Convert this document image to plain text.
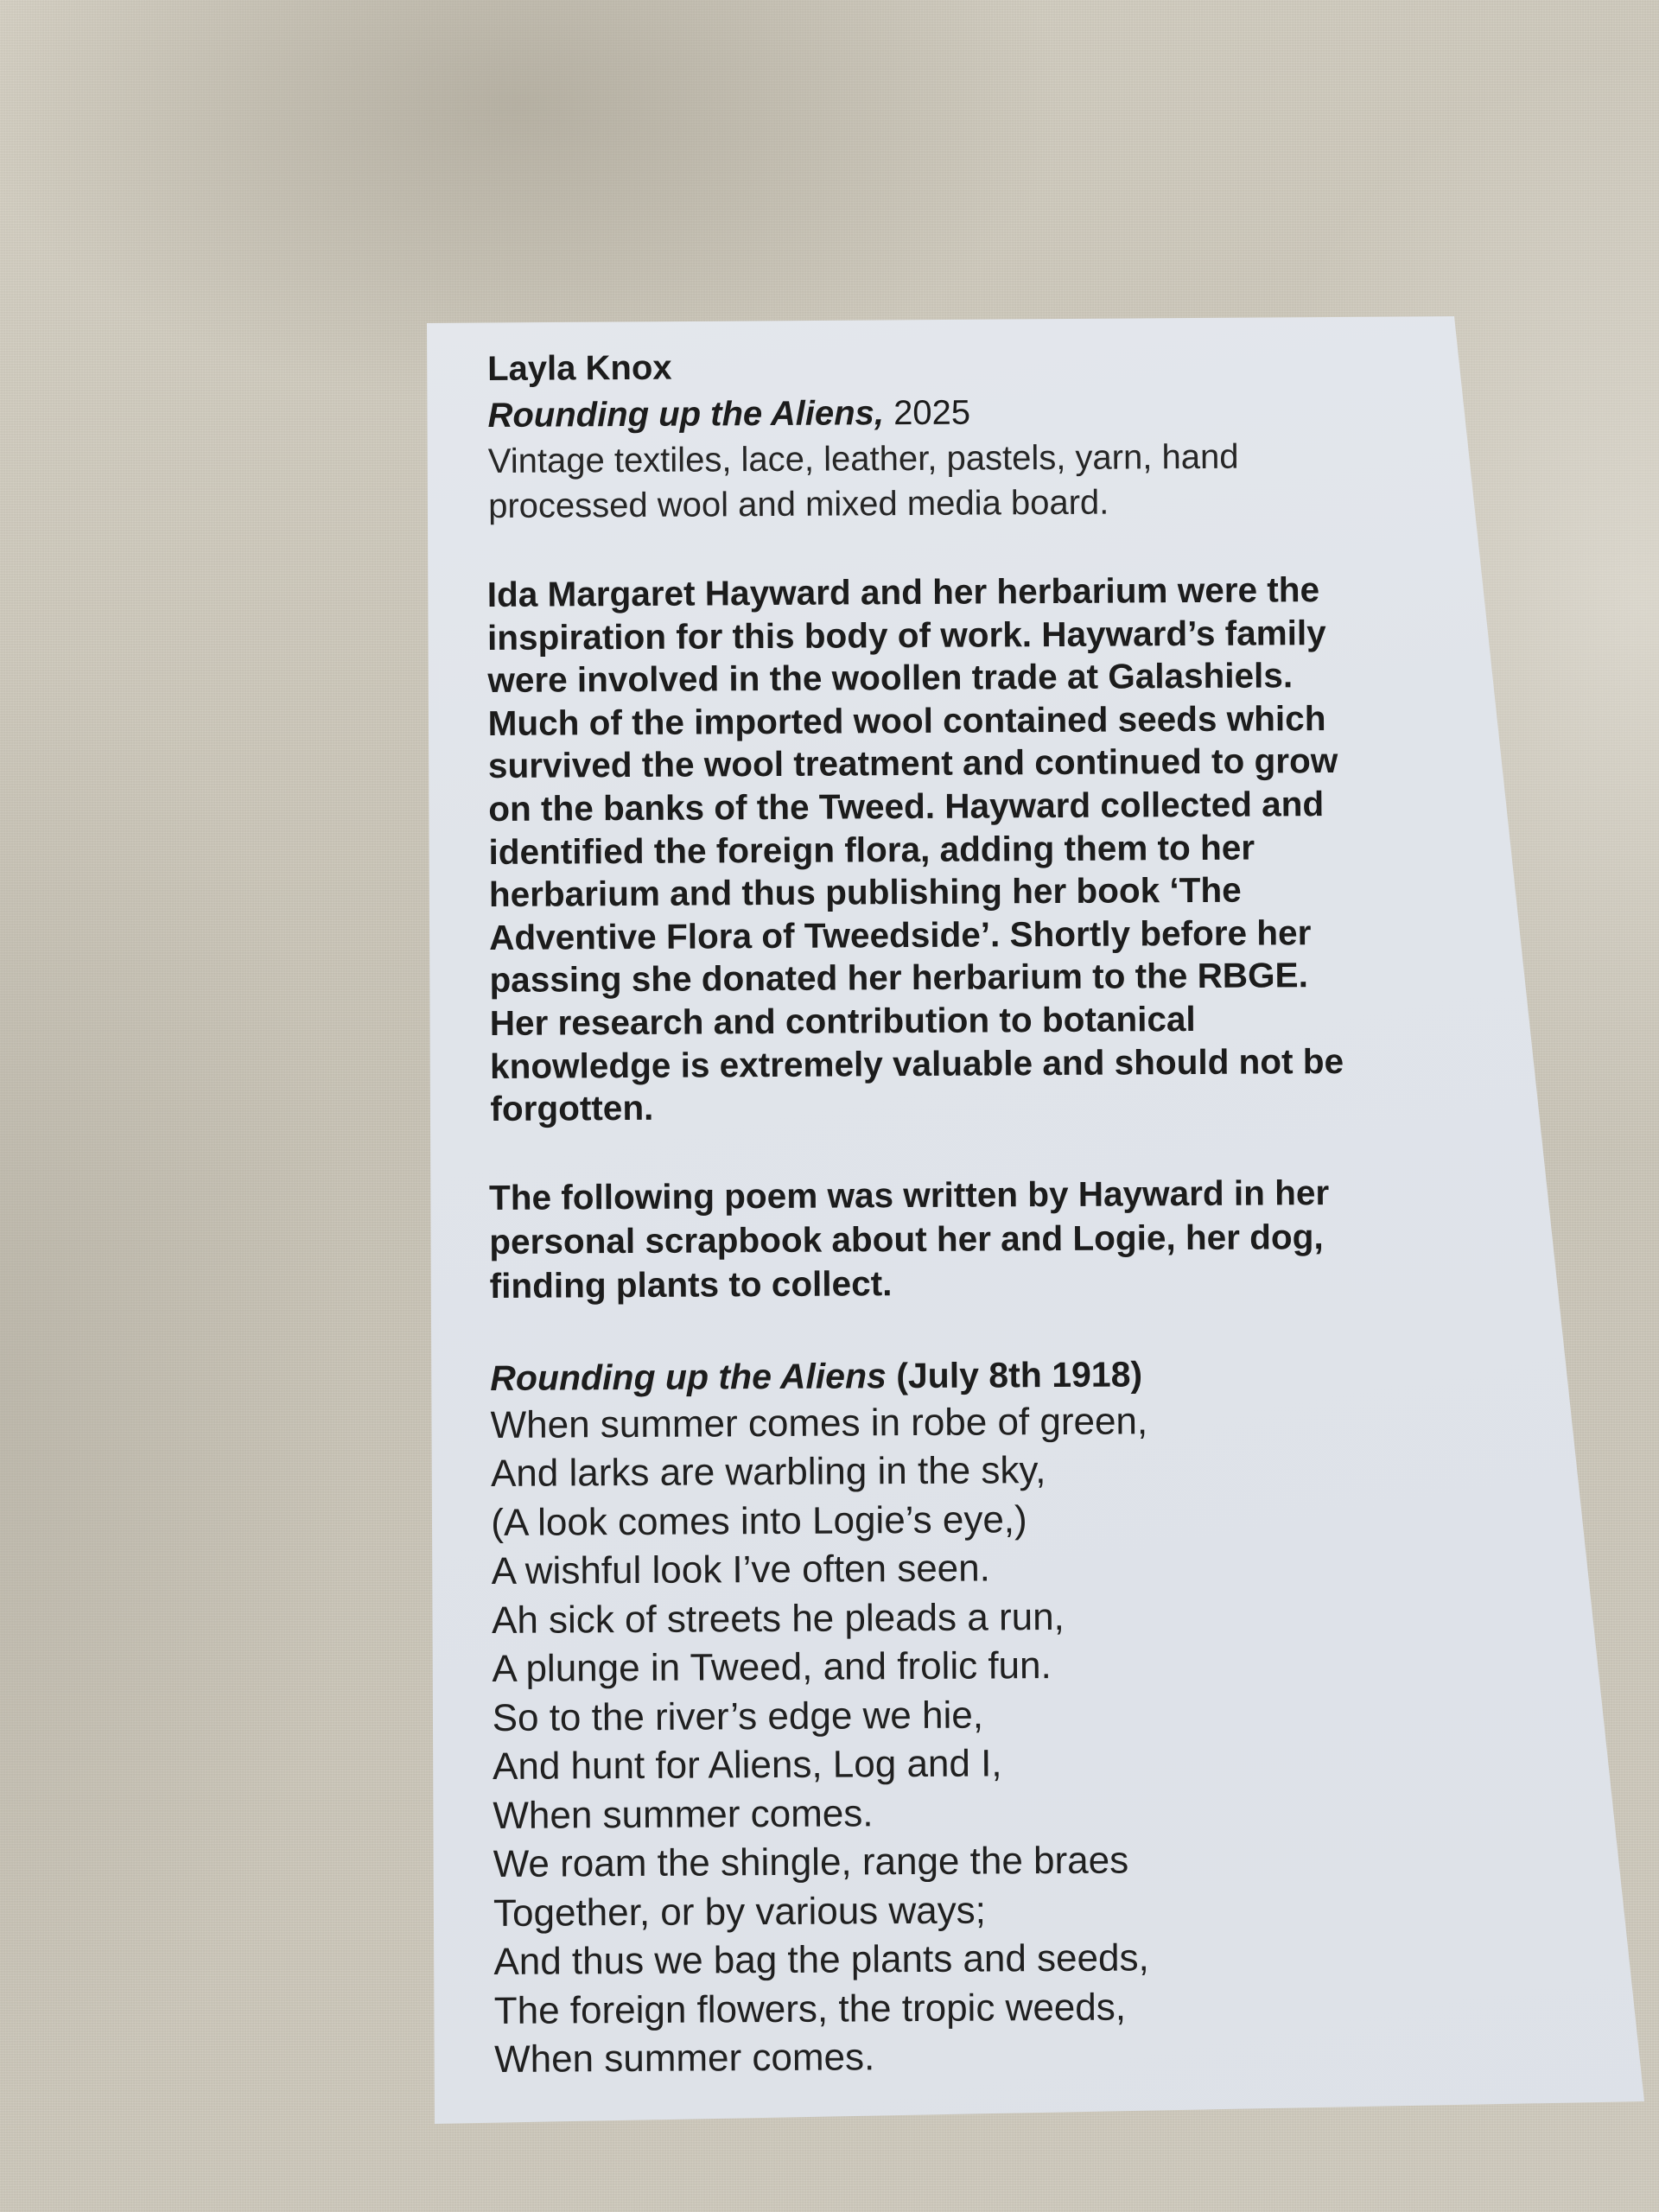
Layla Knox
Rounding up the Aliens, 2025
Vintage textiles, lace, leather, pastels, yarn, hand
processed wool and mixed media board.
Ida Margaret Hayward and her herbarium were the
inspiration for this body of work. Hayward’s family
were involved in the woollen trade at Galashiels.
Much of the imported wool contained seeds which
survived the wool treatment and continued to grow
on the banks of the Tweed. Hayward collected and
identified the foreign flora, adding them to her
herbarium and thus publishing her book ‘The
Adventive Flora of Tweedside’. Shortly before her
passing she donated her herbarium to the RBGE.
Her research and contribution to botanical
knowledge is extremely valuable and should not be
forgotten.
The following poem was written by Hayward in her
personal scrapbook about her and Logie, her dog,
finding plants to collect.
Rounding up the Aliens (July 8th 1918)
When summer comes in robe of green,
And larks are warbling in the sky,
(A look comes into Logie’s eye,)
A wishful look I’ve often seen.
Ah sick of streets he pleads a run,
A plunge in Tweed, and frolic fun.
So to the river’s edge we hie,
And hunt for Aliens, Log and I,
When summer comes.
We roam the shingle, range the braes
Together, or by various ways;
And thus we bag the plants and seeds,
The foreign flowers, the tropic weeds,
When summer comes.
